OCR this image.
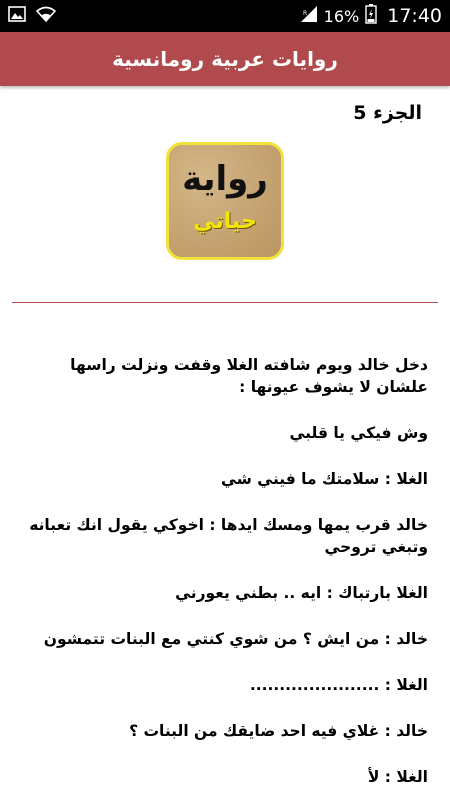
R 16% 17:40
روايات عربية رومانسية
الجزء 5
رواية
حياتي

دخل خالد ويوم شافته الغلا وقفت ونزلت راسها علشان لا يشوف عيونها :

وش فيكي يا قلبي

الغلا : سلامتك ما فيني شي

خالد قرب يمها ومسك ايدها : اخوكي يقول انك تعبانه وتبغي تروحي

الغلا بارتباك : ايه .. بطني يعورني

خالد : من ايش ؟ من شوي كنتي مع البنات تتمشون

الغلا : ......................

خالد : غلاي فيه احد ضايقك من البنات ؟

الغلا : لأ
